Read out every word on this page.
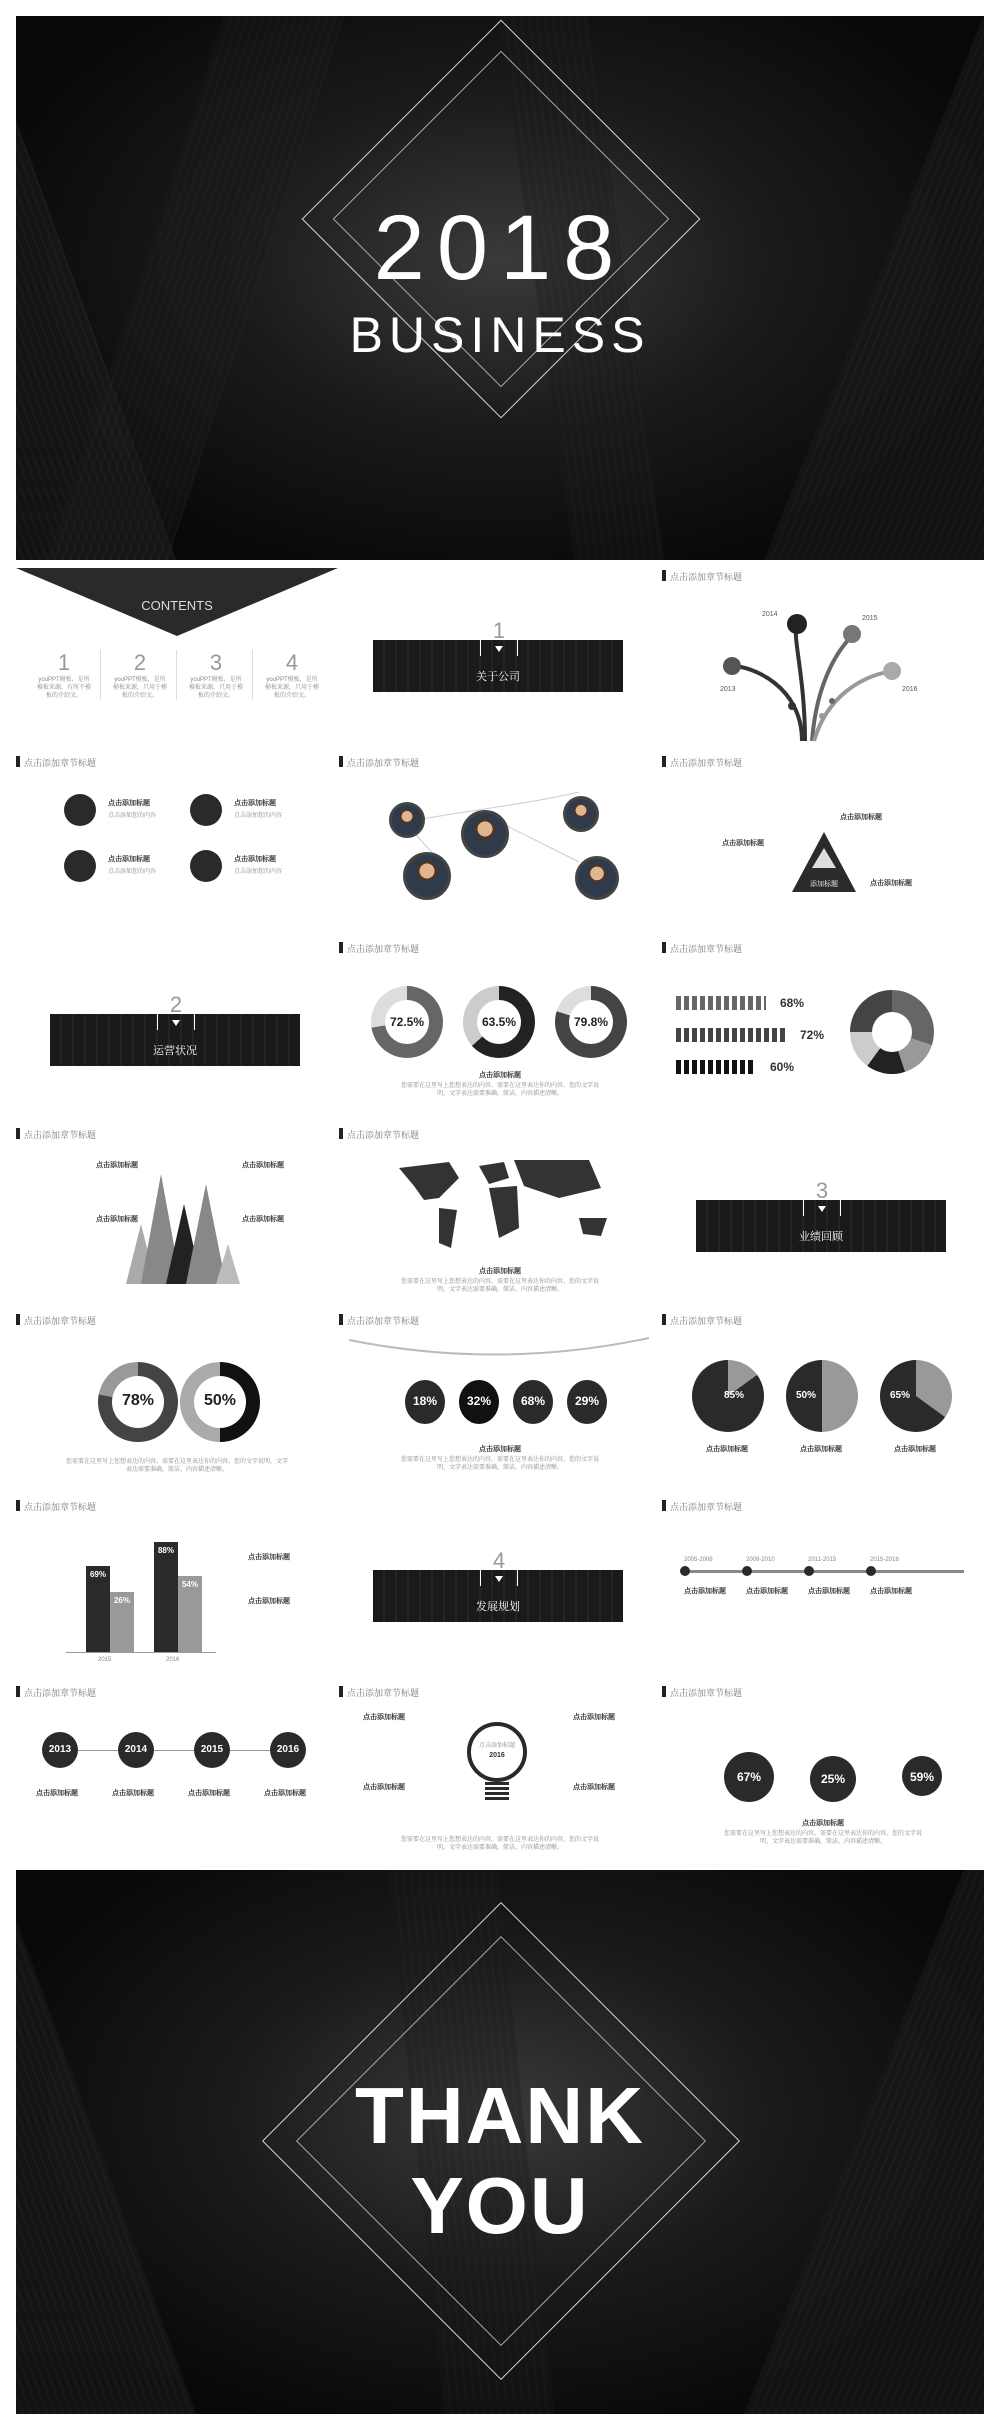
2018
BUSINESS
CONTENTS
1
youPPT模板，是所
模板来源，有所不模
板的介绍文。
2
youPPT模板，是所
模板来源，只用于模
板的介绍文。
3
youPPT模板，是所
模板来源，只用于模
板的介绍文。
4
youPPT模板，是所
模板来源，只用于模
板的介绍文。
1
关于公司
点击添加章节标题
2013
2014
2015
2016
点击添加章节标题
点击添加标题
点击添加您的内容
点击添加标题
点击添加您的内容
点击添加标题
点击添加您的内容
点击添加标题
点击添加您的内容
点击添加章节标题	点击添加章节标题
添加标题
点击添加标题
点击添加标题
点击添加标题
2
运营状况
点击添加章节标题
72.5%	63.5%	79.8%
点击添加标题
您需要在这里写上您想表达的内容，需要在这里表达你的内容，您的文字说明，文字表达需要准确，简洁，内容描述清晰。
点击添加章节标题
68%
72%
60%
点击添加章节标题
点击添加标题	点击添加标题
点击添加标题	点击添加标题
点击添加章节标题
点击添加标题
您需要在这里写上您想表达的内容，需要在这里表达你的内容，您的文字说明，文字表达需要准确，简洁，内容描述清晰。
3
业绩回顾
点击添加章节标题
78%	50%
您需要在这里写上您想表达的内容，需要在这里表达你的内容，您的文字说明，文字表达需要准确，简洁，内容描述清晰。
点击添加章节标题
18%	32%	68%	29%
点击添加标题
您需要在这里写上您想表达的内容，需要在这里表达你的内容，您的文字说明，文字表达需要准确，简洁，内容描述清晰。
点击添加章节标题
85%	50%	65%
点击添加标题	点击添加标题	点击添加标题
点击添加章节标题
69%
26%
88%
54%
2015	2016
点击添加标题
点击添加标题
4
发展规划
点击添加章节标题
2005-2008	2009-2010	2011-2015	2015-2018
点击添加标题	点击添加标题	点击添加标题	点击添加标题
点击添加章节标题
2013	2014	2015	2016
点击添加标题	点击添加标题	点击添加标题	点击添加标题
点击添加章节标题
点击添加标题
2016
点击添加标题	点击添加标题
点击添加标题	点击添加标题
您需要在这里写上您想表达的内容，需要在这里表达你的内容，您的文字说明，文字表达需要准确，简洁，内容描述清晰。
点击添加章节标题
67%	25%	59%
点击添加标题
您需要在这里写上您想表达的内容，需要在这里表达你的内容，您的文字说明，文字表达需要准确，简洁，内容描述清晰。
THANK
YOU
